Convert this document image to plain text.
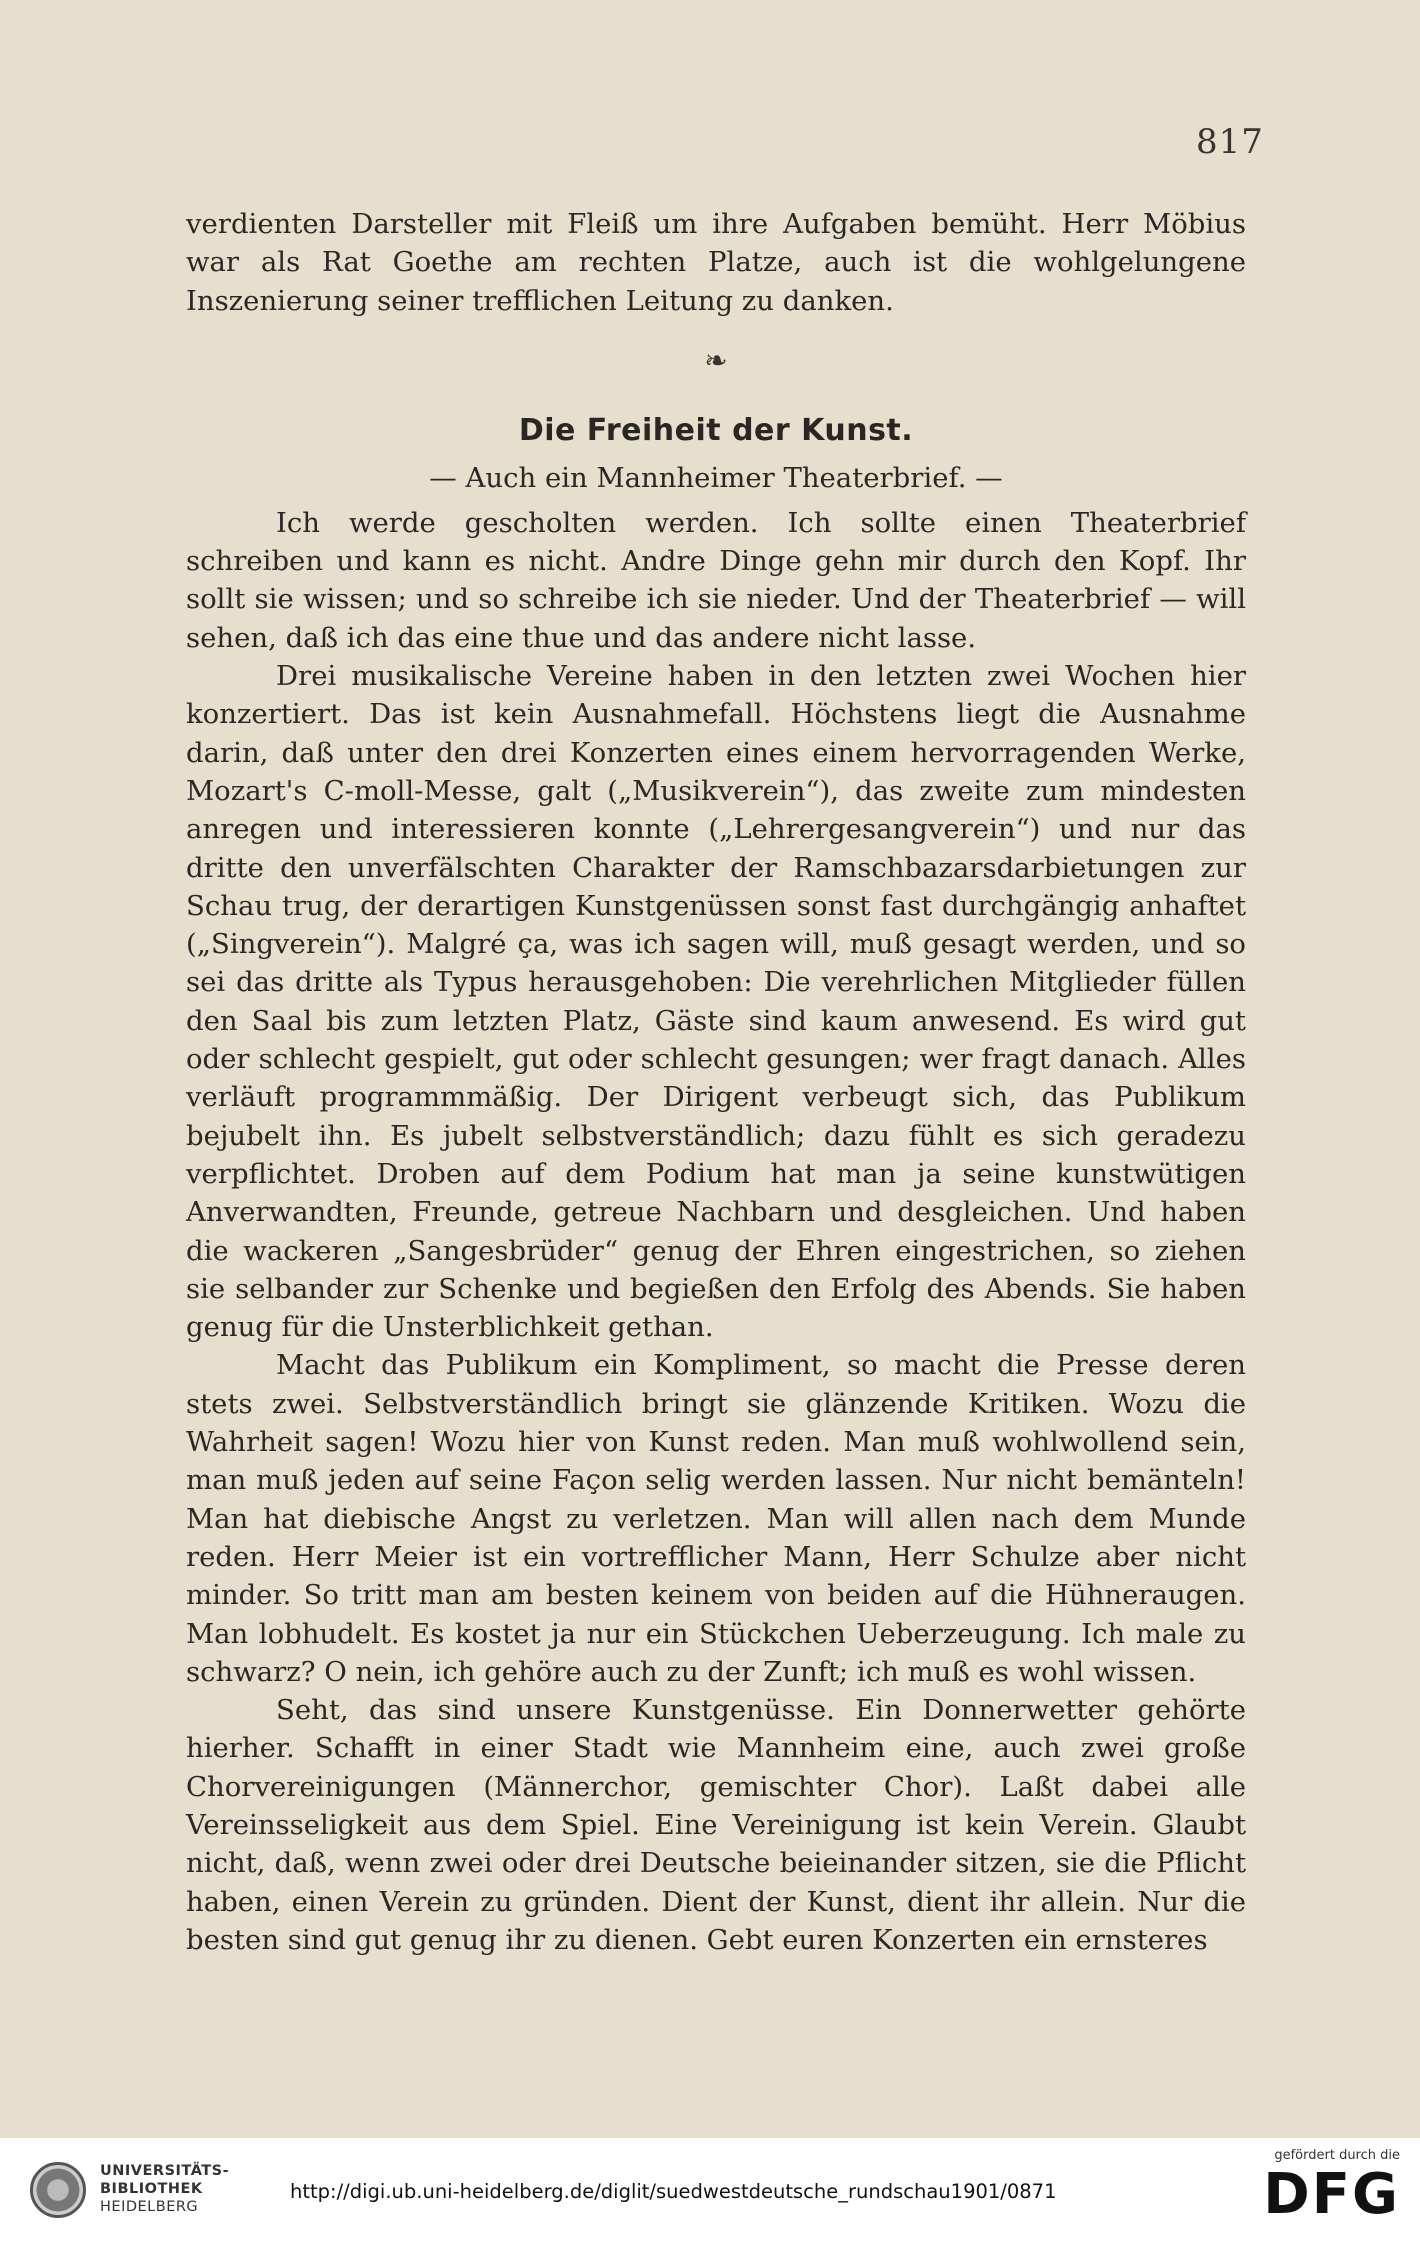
817

verdienten Darsteller mit Fleiß um ihre Aufgaben bemüht. Herr Möbius war als Rat Goethe am rechten Platze, auch ist die wohlgelungene Inszenierung seiner trefflichen Leitung zu danken.

❧
Die Freiheit der Kunst.
— Auch ein Mannheimer Theaterbrief. —

Ich werde gescholten werden. Ich sollte einen Theaterbrief schreiben und kann es nicht. Andre Dinge gehn mir durch den Kopf. Ihr sollt sie wissen; und so schreibe ich sie nieder. Und der Theaterbrief — will sehen, daß ich das eine thue und das andere nicht lasse.

Drei musikalische Vereine haben in den letzten zwei Wochen hier konzertiert. Das ist kein Ausnahmefall. Höchstens liegt die Ausnahme darin, daß unter den drei Konzerten eines einem hervorragenden Werke, Mozart's C-moll-Messe, galt („Musikverein“), das zweite zum mindesten anregen und interessieren konnte („Lehrergesangverein“) und nur das dritte den unverfälschten Charakter der Ramschbazarsdarbietungen zur Schau trug, der derartigen Kunstgenüssen sonst fast durchgängig anhaftet („Singverein“). Malgré ça, was ich sagen will, muß gesagt werden, und so sei das dritte als Typus herausgehoben: Die verehrlichen Mitglieder füllen den Saal bis zum letzten Platz, Gäste sind kaum anwesend. Es wird gut oder schlecht gespielt, gut oder schlecht gesungen; wer fragt danach. Alles verläuft programmmäßig. Der Dirigent verbeugt sich, das Publikum bejubelt ihn. Es jubelt selbstverständlich; dazu fühlt es sich geradezu verpflichtet. Droben auf dem Podium hat man ja seine kunstwütigen Anverwandten, Freunde, getreue Nachbarn und desgleichen. Und haben die wackeren „Sangesbrüder“ genug der Ehren eingestrichen, so ziehen sie selbander zur Schenke und begießen den Erfolg des Abends. Sie haben genug für die Unsterblichkeit gethan.

Macht das Publikum ein Kompliment, so macht die Presse deren stets zwei. Selbstverständlich bringt sie glänzende Kritiken. Wozu die Wahrheit sagen! Wozu hier von Kunst reden. Man muß wohlwollend sein, man muß jeden auf seine Façon selig werden lassen. Nur nicht bemänteln! Man hat diebische Angst zu verletzen. Man will allen nach dem Munde reden. Herr Meier ist ein vortrefflicher Mann, Herr Schulze aber nicht minder. So tritt man am besten keinem von beiden auf die Hühneraugen. Man lobhudelt. Es kostet ja nur ein Stückchen Ueberzeugung. Ich male zu schwarz? O nein, ich gehöre auch zu der Zunft; ich muß es wohl wissen.

Seht, das sind unsere Kunstgenüsse. Ein Donnerwetter gehörte hierher. Schafft in einer Stadt wie Mannheim eine, auch zwei große Chorvereinigungen (Männerchor, gemischter Chor). Laßt dabei alle Vereinsseligkeit aus dem Spiel. Eine Vereinigung ist kein Verein. Glaubt nicht, daß, wenn zwei oder drei Deutsche beieinander sitzen, sie die Pflicht haben, einen Verein zu gründen. Dient der Kunst, dient ihr allein. Nur die besten sind gut genug ihr zu dienen. Gebt euren Konzerten ein ernsteres

UNIVERSITÄTS-
BIBLIOTHEK
HEIDELBERG
http://digi.ub.uni-heidelberg.de/diglit/suedwestdeutsche_rundschau1901/0871
gefördert durch die
DFG
